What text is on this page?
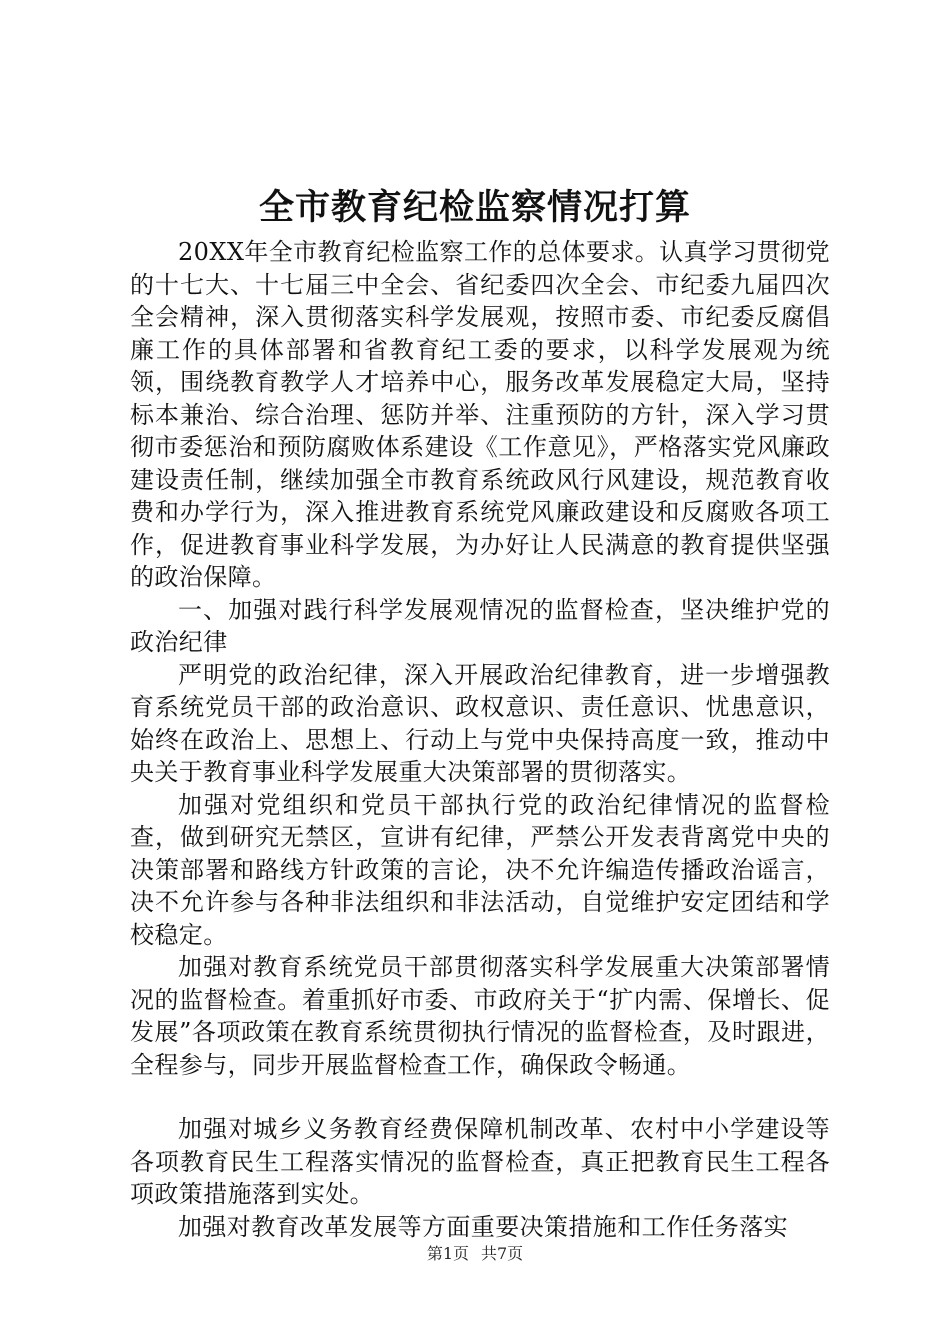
全市教育纪检监察情况打算

20XX年全市教育纪检监察工作的总体要求。认真学习贯彻党的十七大、十七届三中全会、省纪委四次全会、市纪委九届四次全会精神，深入贯彻落实科学发展观，按照市委、市纪委反腐倡廉工作的具体部署和省教育纪工委的要求，以科学发展观为统领，围绕教育教学人才培养中心，服务改革发展稳定大局，坚持标本兼治、综合治理、惩防并举、注重预防的方针，深入学习贯彻市委惩治和预防腐败体系建设《工作意见》，严格落实党风廉政建设责任制，继续加强全市教育系统政风行风建设，规范教育收费和办学行为，深入推进教育系统党风廉政建设和反腐败各项工作，促进教育事业科学发展，为办好让人民满意的教育提供坚强的政治保障。

一、加强对践行科学发展观情况的监督检查，坚决维护党的政治纪律

严明党的政治纪律，深入开展政治纪律教育，进一步增强教育系统党员干部的政治意识、政权意识、责任意识、忧患意识，始终在政治上、思想上、行动上与党中央保持高度一致，推动中央关于教育事业科学发展重大决策部署的贯彻落实。

加强对党组织和党员干部执行党的政治纪律情况的监督检查，做到研究无禁区，宣讲有纪律，严禁公开发表背离党中央的决策部署和路线方针政策的言论，决不允许编造传播政治谣言，决不允许参与各种非法组织和非法活动，自觉维护安定团结和学校稳定。

加强对教育系统党员干部贯彻落实科学发展重大决策部署情况的监督检查。着重抓好市委、市政府关于“扩内需、保增长、促发展”各项政策在教育系统贯彻执行情况的监督检查，及时跟进，全程参与，同步开展监督检查工作，确保政令畅通。

加强对城乡义务教育经费保障机制改革、农村中小学建设等各项教育民生工程落实情况的监督检查，真正把教育民生工程各项政策措施落到实处。

加强对教育改革发展等方面重要决策措施和工作任务落实

第1页 共7页
